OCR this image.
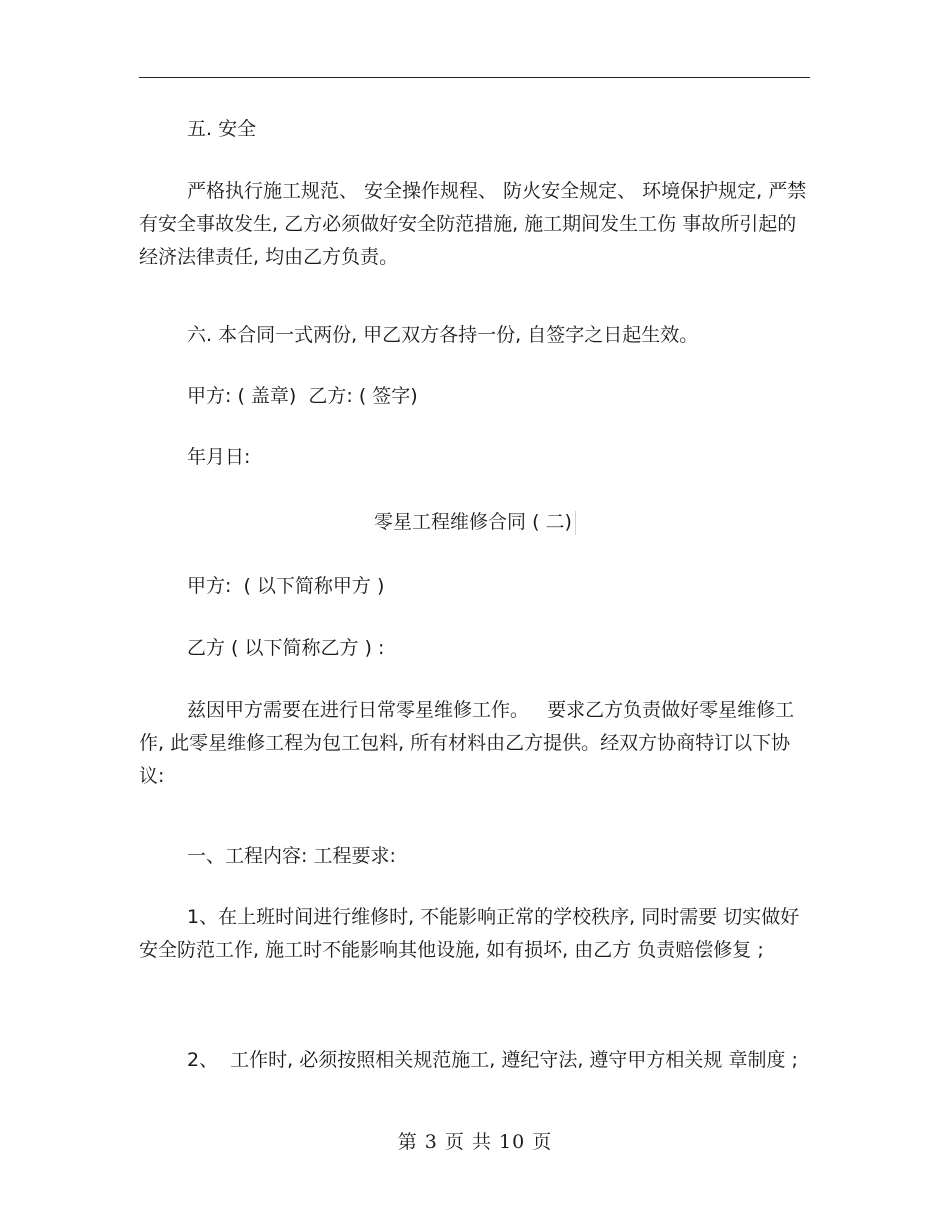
五. 安全

严格执行施工规范、 安全操作规程、 防火安全规定、 环境保护规定, 严禁有安全事故发生, 乙方必须做好安全防范措施, 施工期间发生工伤 事故所引起的经济法律责任, 均由乙方负责。

六. 本合同一式两份, 甲乙双方各持一份, 自签字之日起生效。

甲方: ( 盖章)  乙方: ( 签字)

年月日:

零星工程维修合同 ( 二)

甲方:  ( 以下简称甲方 )

乙方 ( 以下简称乙方 ) :

兹因甲方需要在进行日常零星维修工作。   要求乙方负责做好零星维修工作, 此零星维修工程为包工包料, 所有材料由乙方提供。经双方协商特订以下协议:

一、工程内容: 工程要求:

1、在上班时间进行维修时, 不能影响正常的学校秩序, 同时需要 切实做好安全防范工作, 施工时不能影响其他设施, 如有损坏, 由乙方 负责赔偿修复 ;

2、  工作时, 必须按照相关规范施工, 遵纪守法, 遵守甲方相关规 章制度 ;

第 3 页 共 10 页
